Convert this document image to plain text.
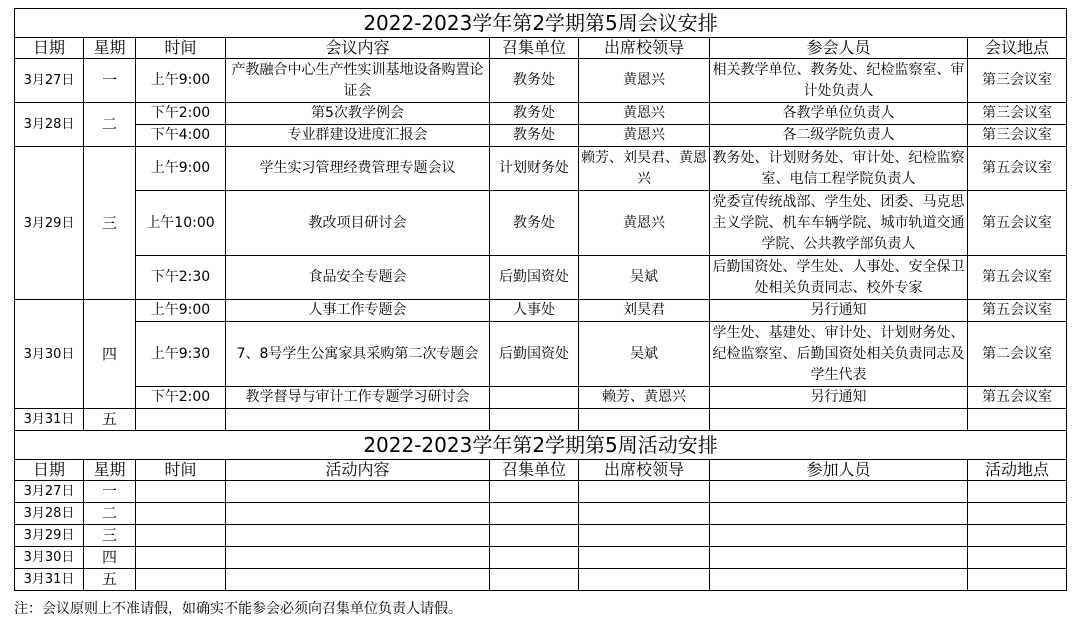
2022-2023学年第2学期第5周会议安排							
日期	星期	时间	会议内容	召集单位	出席校领导	参会人员	会议地点
3月27日	一	上午9:00	产教融合中心生产性实训基地设备购置论证会	教务处	黄恩兴	相关教学单位、教务处、纪检监察室、审计处负责人	第三会议室
3月28日	二	下午2:00	第5次教学例会	教务处	黄恩兴	各教学单位负责人	第三会议室
		下午4:00	专业群建设进度汇报会	教务处	黄恩兴	各二级学院负责人	第三会议室
3月29日	三	上午9:00	学生实习管理经费管理专题会议	计划财务处	赖芳、刘昊君、黄恩兴	教务处、计划财务处、审计处、纪检监察室、电信工程学院负责人	第五会议室
		上午10:00	教改项目研讨会	教务处	黄恩兴	党委宣传统战部、学生处、团委、马克思主义学院、机车车辆学院、城市轨道交通学院、公共教学部负责人	第五会议室
		下午2:30	食品安全专题会	后勤国资处	吴斌	后勤国资处、学生处、人事处、安全保卫处相关负责同志、校外专家	第五会议室
3月30日	四	上午9:00	人事工作专题会	人事处	刘昊君	另行通知	第五会议室
		上午9:30	7、8号学生公寓家具采购第二次专题会	后勤国资处	吴斌	学生处、基建处、审计处、计划财务处、纪检监察室、后勤国资处相关负责同志及学生代表	第二会议室
		下午2:00	教学督导与审计工作专题学习研讨会		赖芳、黄恩兴	另行通知	第五会议室
3月31日	五						
2022-2023学年第2学期第5周活动安排							
日期	星期	时间	活动内容	召集单位	出席校领导	参加人员	活动地点
3月27日	一						
3月28日	二						
3月29日	三						
3月30日	四						
3月31日	五						
注：会议原则上不准请假，如确实不能参会必须向召集单位负责人请假。
